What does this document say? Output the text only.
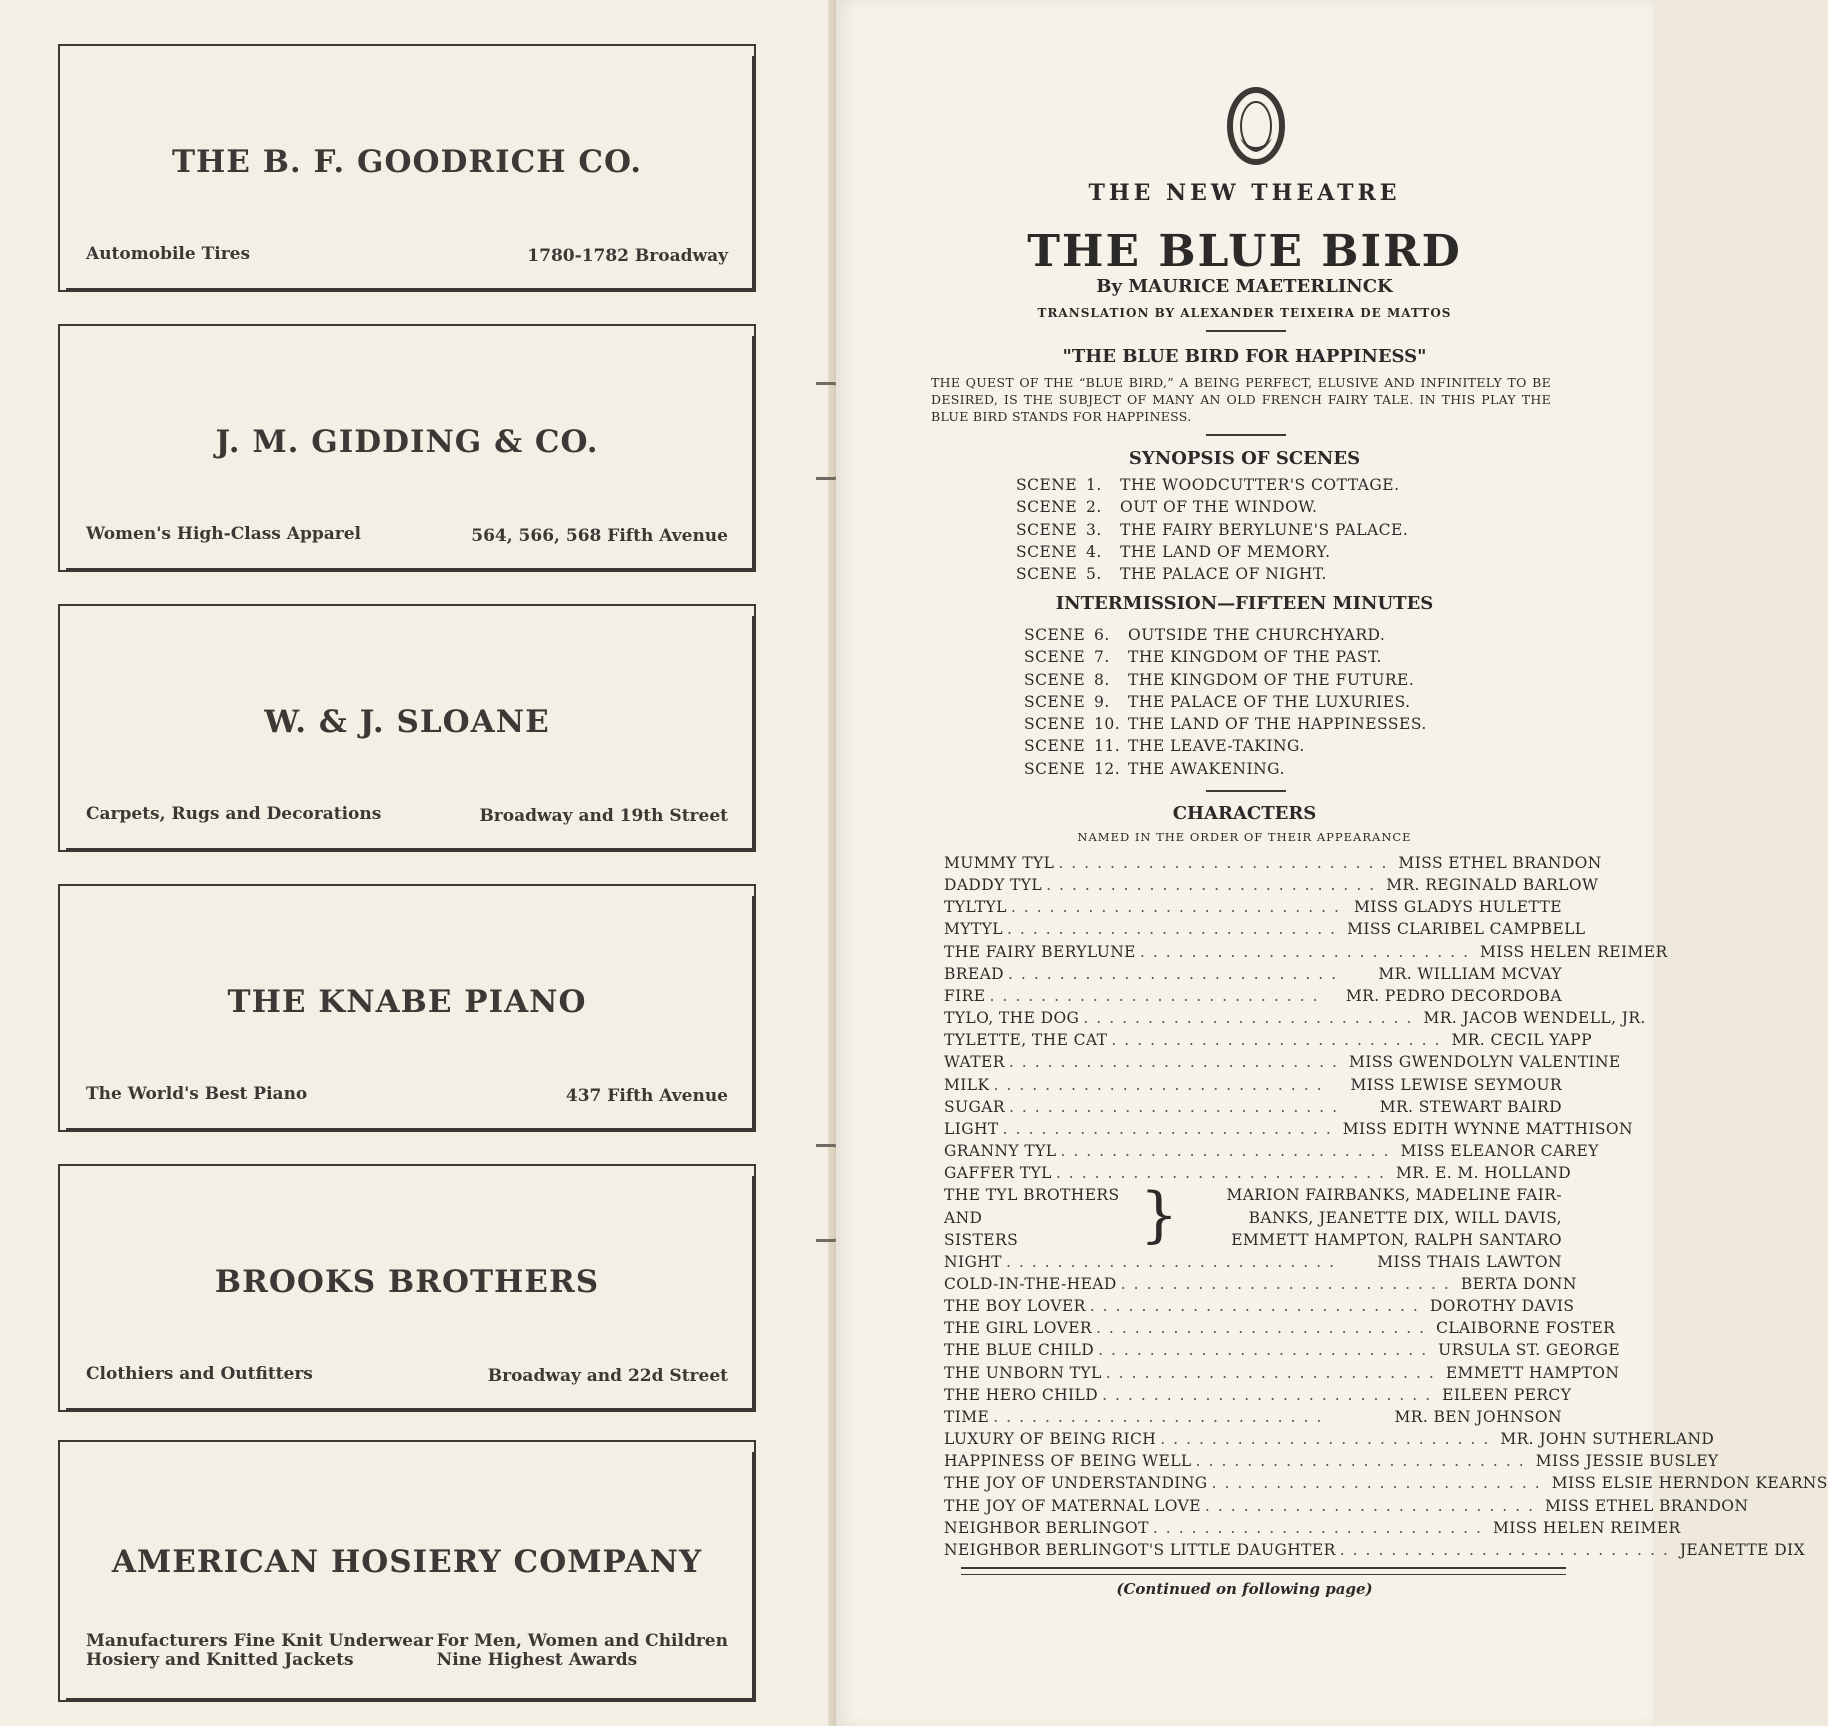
THE B. F. GOODRICH CO.
Automobile Tires	1780-1782 Broadway
J. M. GIDDING & CO.
Women's High-Class Apparel	564, 566, 568 Fifth Avenue
W. & J. SLOANE
Carpets, Rugs and Decorations	Broadway and 19th Street
THE KNABE PIANO
The World's Best Piano	437 Fifth Avenue
BROOKS BROTHERS
Clothiers and Outfitters	Broadway and 22d Street
AMERICAN HOSIERY COMPANY
Manufacturers Fine Knit Underwear
Hosiery and Knitted Jackets
For Men, Women and Children
Nine Highest Awards
THE NEW THEATRE
THE BLUE BIRD
By MAURICE MAETERLINCK
TRANSLATION BY ALEXANDER TEIXEIRA DE MATTOS
"THE BLUE BIRD FOR HAPPINESS"
THE QUEST OF THE “BLUE BIRD,” A BEING PERFECT, ELUSIVE AND INFINITELY TO BE DESIRED, IS THE SUBJECT OF MANY AN OLD FRENCH FAIRY TALE. IN THIS PLAY THE BLUE BIRD STANDS FOR HAPPINESS.
SYNOPSIS OF SCENES
SCENE 1.	THE WOODCUTTER'S COTTAGE.
SCENE 2.	OUT OF THE WINDOW.
SCENE 3.	THE FAIRY BERYLUNE'S PALACE.
SCENE 4.	THE LAND OF MEMORY.
SCENE 5.	THE PALACE OF NIGHT.
INTERMISSION—FIFTEEN MINUTES
SCENE 6.	OUTSIDE THE CHURCHYARD.
SCENE 7.	THE KINGDOM OF THE PAST.
SCENE 8.	THE KINGDOM OF THE FUTURE.
SCENE 9.	THE PALACE OF THE LUXURIES.
SCENE 10. THE LAND OF THE HAPPINESSES.
SCENE 11. THE LEAVE-TAKING.
SCENE 12. THE AWAKENING.
CHARACTERS
NAMED IN THE ORDER OF THEIR APPEARANCE
MUMMY TYL .......................... MISS ETHEL BRANDON
DADDY TYL .......................... MR. REGINALD BARLOW
TYLTYL .......................... MISS GLADYS HULETTE
MYTYL .......................... MISS CLARIBEL CAMPBELL
THE FAIRY BERYLUNE .......................... MISS HELEN REIMER
BREAD ..........................	MR. WILLIAM MCVAY
FIRE ..........................	MR. PEDRO DECORDOBA
TYLO, THE DOG .......................... MR. JACOB WENDELL, JR.
TYLETTE, THE CAT .......................... MR. CECIL YAPP
WATER .......................... MISS GWENDOLYN VALENTINE
MILK ..........................	MISS LEWISE SEYMOUR
SUGAR ..........................	MR. STEWART BAIRD
LIGHT .......................... MISS EDITH WYNNE MATTHISON
GRANNY TYL .......................... MISS ELEANOR CAREY
GAFFER TYL .......................... MR. E. M. HOLLAND
THE TYL BROTHERS
AND
SISTERS	}	MARION FAIRBANKS, MADELINE FAIR-
BANKS, JEANETTE DIX, WILL DAVIS,
EMMETT HAMPTON, RALPH SANTARO
NIGHT ..........................	MISS THAIS LAWTON
COLD-IN-THE-HEAD .......................... BERTA DONN
THE BOY LOVER .......................... DOROTHY DAVIS
THE GIRL LOVER .......................... CLAIBORNE FOSTER
THE BLUE CHILD .......................... URSULA ST. GEORGE
THE UNBORN TYL .......................... EMMETT HAMPTON
THE HERO CHILD .......................... EILEEN PERCY
TIME ..........................	MR. BEN JOHNSON
LUXURY OF BEING RICH .......................... MR. JOHN SUTHERLAND
HAPPINESS OF BEING WELL .......................... MISS JESSIE BUSLEY
THE JOY OF UNDERSTANDING .......................... MISS ELSIE HERNDON KEARNS
THE JOY OF MATERNAL LOVE .......................... MISS ETHEL BRANDON
NEIGHBOR BERLINGOT .......................... MISS HELEN REIMER
NEIGHBOR BERLINGOT'S LITTLE DAUGHTER .......................... JEANETTE DIX
(Continued on following page)
